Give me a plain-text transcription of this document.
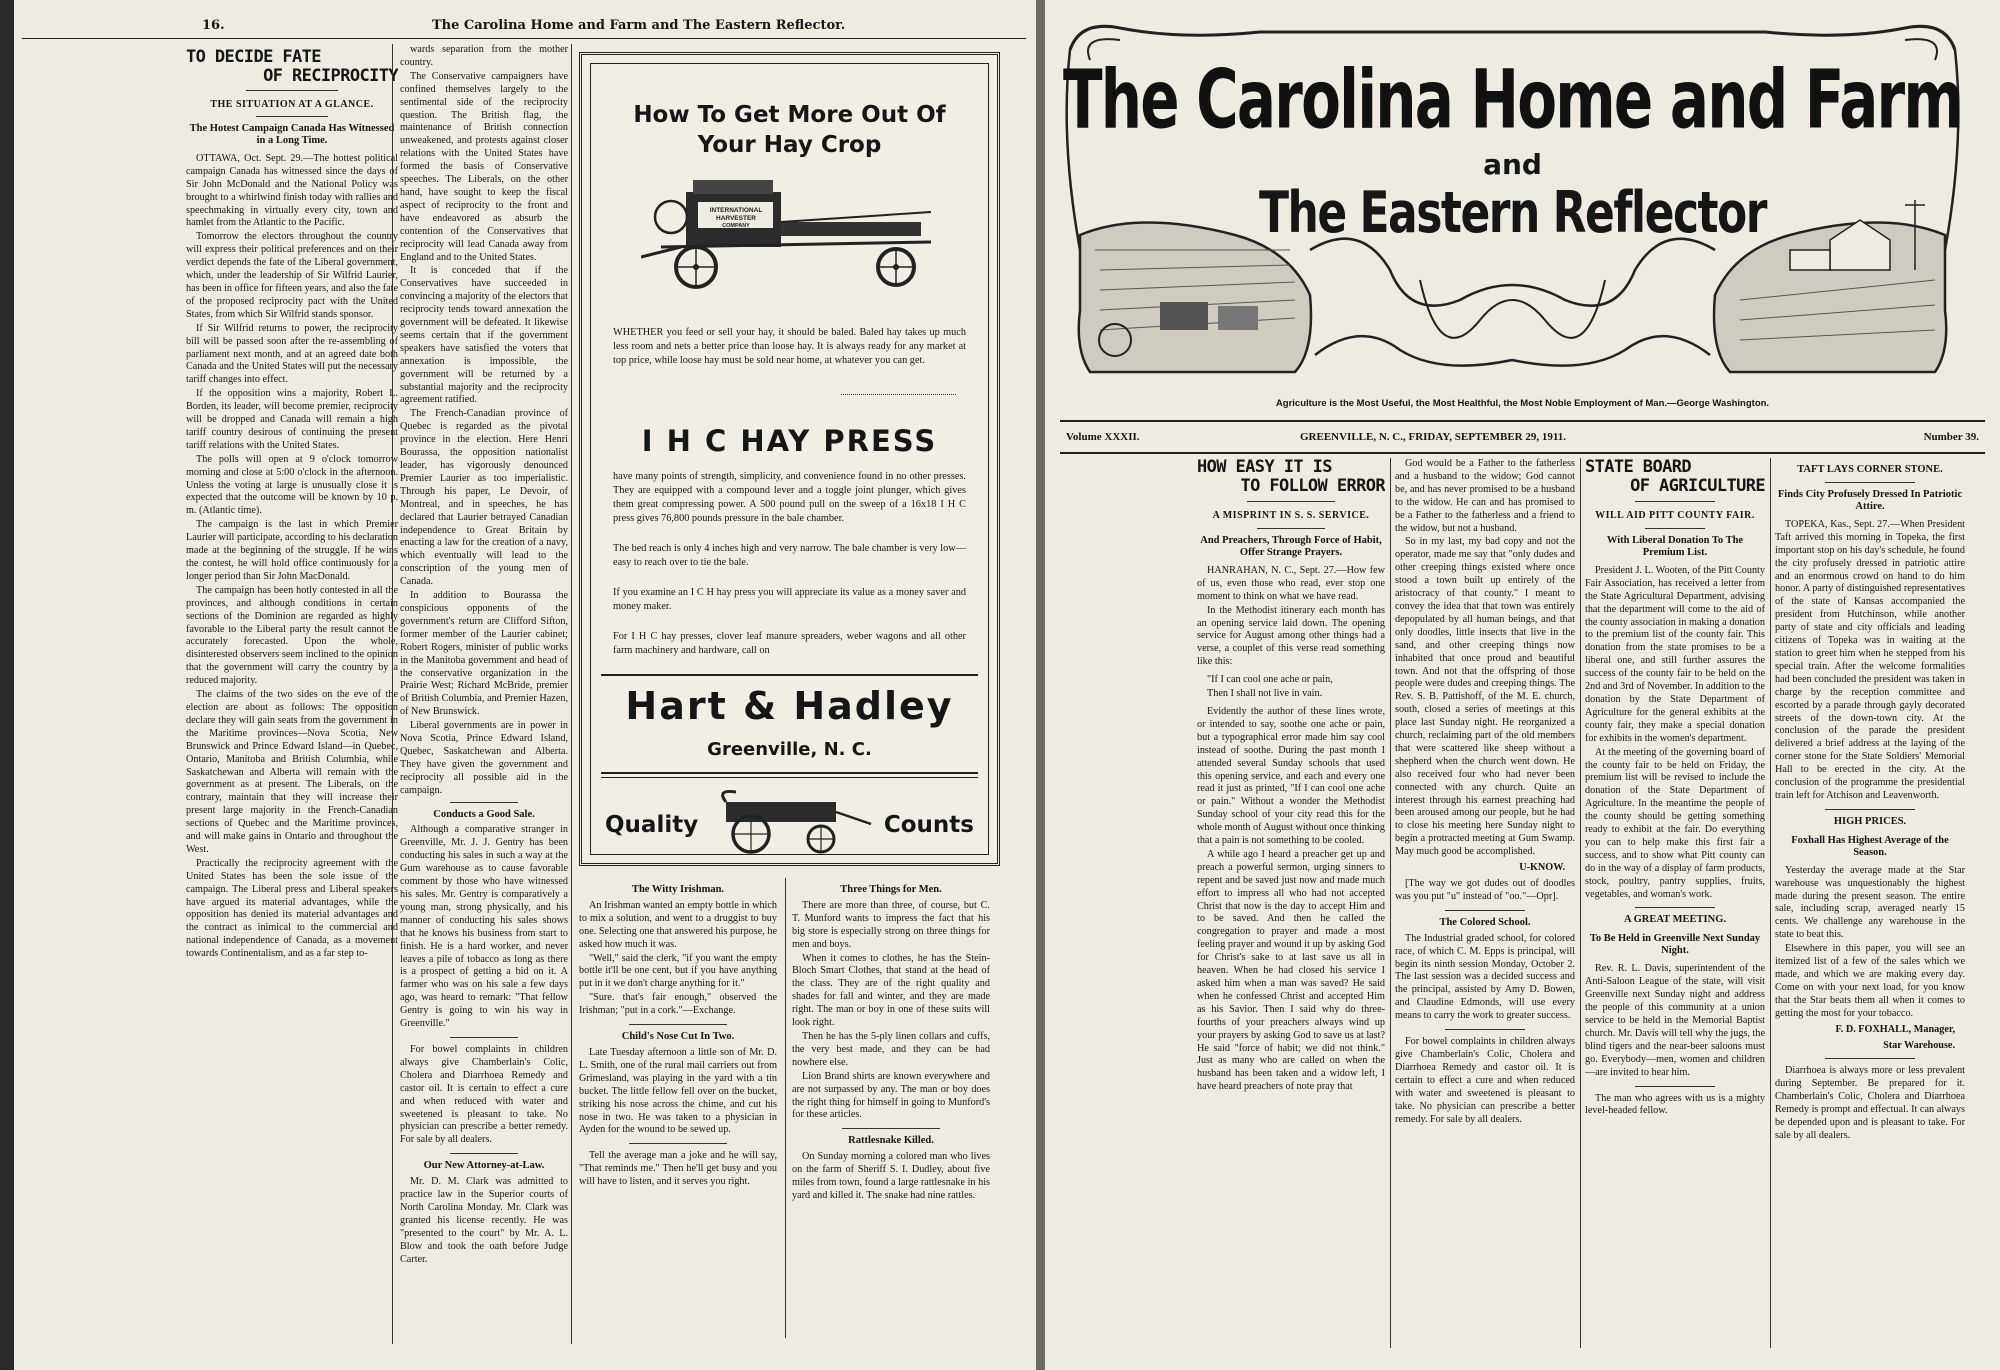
16.	The Carolina Home and Farm and The Eastern Reflector.
TO DECIDE FATE
OF RECIPROCITY
THE SITUATION AT A GLANCE.
The Hotest Campaign Canada Has Witnessed in a Long Time.

OTTAWA, Oct. Sept. 29.—The hottest political campaign Canada has witnessed since the days of Sir John McDonald and the National Policy was brought to a whirlwind finish today with rallies and speechmaking in virtually every city, town and hamlet from the Atlantic to the Pacific.

Tomorrow the electors throughout the country will express their political preferences and on their verdict depends the fate of the Liberal government, which, under the leadership of Sir Wilfrid Laurier, has been in office for fifteen years, and also the fate of the proposed reciprocity pact with the United States, from which Sir Wilfrid stands sponsor.

If Sir Wilfrid returns to power, the reciprocity bill will be passed soon after the re-assembling of parliament next month, and at an agreed date both Canada and the United States will put the necessary tariff changes into effect.

If the opposition wins a majority, Robert L. Borden, its leader, will become premier, reciprocity will be dropped and Canada will remain a high tariff country desirous of continuing the present tariff relations with the United States.

The polls will open at 9 o'clock tomorrow morning and close at 5:00 o'clock in the afternoon. Unless the voting at large is unusually close it is expected that the outcome will be known by 10 p. m. (Atlantic time).

The campaign is the last in which Premier Laurier will participate, according to his declaration made at the beginning of the struggle. If he wins the contest, he will hold office continuously for a longer period than Sir John MacDonald.

The campaign has been hotly contested in all the provinces, and although conditions in certain sections of the Dominion are regarded as highly favorable to the Liberal party the result cannot be accurately forecasted. Upon the whole, disinterested observers seem inclined to the opinion that the government will carry the country by a reduced majority.

The claims of the two sides on the eve of the election are about as follows: The opposition declare they will gain seats from the government in the Maritime provinces—Nova Scotia, New Brunswick and Prince Edward Island—in Quebec, Ontario, Manitoba and British Columbia, while Saskatchewan and Alberta will remain with the government as at present. The Liberals, on the contrary, maintain that they will increase their present large majority in the French-Canadian sections of Quebec and the Maritime provinces, and will make gains in Ontario and throughout the West.

Practically the reciprocity agreement with the United States has been the sole issue of the campaign. The Liberal press and Liberal speakers have argued its material advantages, while the opposition has denied its material advantages and the contract as inimical to the commercial and national independence of Canada, as a movement towards Continentalism, and as a far step to-

wards separation from the mother country.

The Conservative campaigners have confined themselves largely to the sentimental side of the reciprocity question. The British flag, the maintenance of British connection unweakened, and protests against closer relations with the United States have formed the basis of Conservative speeches. The Liberals, on the other hand, have sought to keep the fiscal aspect of reciprocity to the front and have endeavored as absurb the contention of the Conservatives that reciprocity will lead Canada away from England and to the United States.

It is conceded that if the Conservatives have succeeded in convincing a majority of the electors that reciprocity tends toward annexation the government will be defeated. It likewise seems certain that if the government speakers have satisfied the voters that annexation is impossible, the government will be returned by a substantial majority and the reciprocity agreement ratified.

The French-Canadian province of Quebec is regarded as the pivotal province in the election. Here Henri Bourassa, the opposition nationalist leader, has vigorously denounced Premier Laurier as too imperialistic. Through his paper, Le Devoir, of Montreal, and in speeches, he has declared that Laurier betrayed Canadian independence to Great Britain by enacting a law for the creation of a navy, which eventually will lead to the conscription of the young men of Canada.

In addition to Bourassa the conspicious opponents of the government's return are Clifford Sifton, former member of the Laurier cabinet; Robert Rogers, minister of public works in the Manitoba government and head of the conservative organization in the Prairie West; Richard McBride, premier of British Columbia, and Premier Hazen, of New Brunswick.

Liberal governments are in power in Nova Scotia, Prince Edward Island, Quebec, Saskatchewan and Alberta. They have given the government and reciprocity all possible aid in the campaign.

Conducts a Good Sale.

Although a comparative stranger in Greenville, Mr. J. J. Gentry has been conducting his sales in such a way at the Gum warehouse as to cause favorable comment by those who have witnessed his sales. Mr. Gentry is comparatively a young man, strong physically, and his manner of conducting his sales shows that he knows his business from start to finish. He is a hard worker, and never leaves a pile of tobacco as long as there is a prospect of getting a bid on it. A farmer who was on his sale a few days ago, was heard to remark: "That fellow Gentry is going to win his way in Greenville."

For bowel complaints in children always give Chamberlain's Colic, Cholera and Diarrhoea Remedy and castor oil. It is certain to effect a cure and when reduced with water and sweetened is pleasant to take. No physician can prescribe a better remedy. For sale by all dealers.

Our New Attorney-at-Law.

Mr. D. M. Clark was admitted to practice law in the Superior courts of North Carolina Monday. Mr. Clark was granted his license recently. He was "presented to the court" by Mr. A. L. Blow and took the oath before Judge Carter.

How To Get More Out Of
Your Hay Crop
INTERNATIONAL
HARVESTER
COMPANY
WHETHER you feed or sell your hay, it should be baled. Baled hay takes up much less room and nets a better price than loose hay. It is always ready for any market at top price, while loose hay must be sold near home, at whatever you can get.
I H C HAY PRESS
have many points of strength, simplicity, and convenience found in no other presses. They are equipped with a compound lever and a toggle joint plunger, which gives them great compressing power. A 500 pound pull on the sweep of a 16x18 I H C press gives 76,800 pounds pressure in the bale chamber.
The bed reach is only 4 inches high and very narrow. The bale chamber is very low—easy to reach over to tie the bale.
If you examine an I C H hay press you will appreciate its value as a money saver and money maker.
For I H C hay presses, clover leaf manure spreaders, weber wagons and all other farm machinery and hardware, call on
Hart & Hadley
Greenville, N. C.
Quality	Counts
The Witty Irishman.

An Irishman wanted an empty bottle in which to mix a solution, and went to a druggist to buy one. Selecting one that answered his purpose, he asked how much it was.

"Well," said the clerk, "if you want the empty bottle it'll be one cent, but if you have anything put in it we don't charge anything for it."

"Sure. that's fair enough," observed the Irishman; "put in a cork."—Exchange.

Child's Nose Cut In Two.

Late Tuesday afternoon a little son of Mr. D. L. Smith, one of the rural mail carriers out from Grimesland, was playing in the yard with a tin bucket. The little fellow fell over on the bucket, striking his nose across the chime, and cut his nose in two. He was taken to a physician in Ayden for the wound to be sewed up.

Tell the average man a joke and he will say, "That reminds me." Then he'll get busy and you will have to listen, and it serves you right.

Three Things for Men.

There are more than three, of course, but C. T. Munford wants to impress the fact that his big store is especially strong on three things for men and boys.

When it comes to clothes, he has the Stein-Bloch Smart Clothes, that stand at the head of the class. They are of the right quality and shades for fall and winter, and they are made right. The man or boy in one of these suits will look right.

Then he has the 5-ply linen collars and cuffs, the very best made, and they can be had nowhere else.

Lion Brand shirts are known everywhere and are not surpassed by any. The man or boy does the right thing for himself in going to Munford's for these articles.

Rattlesnake Killed.

On Sunday morning a colored man who lives on the farm of Sheriff S. I. Dudley, about five miles from town, found a large rattlesnake in his yard and killed it. The snake had nine rattles.

The Carolina Home and Farm
and
The Eastern Reflector
Agriculture is the Most Useful, the Most Healthful, the Most Noble Employment of Man.—George Washington.
Volume XXXII.	GREENVILLE, N. C., FRIDAY, SEPTEMBER 29, 1911.	Number 39.
HOW EASY IT IS
TO FOLLOW ERROR
A MISPRINT IN S. S. SERVICE.
And Preachers, Through Force of Habit, Offer Strange Prayers.

HANRAHAN, N. C., Sept. 27.—How few of us, even those who read, ever stop one moment to think on what we have read.

In the Methodist itinerary each month has an opening service laid down. The opening service for August among other things had a verse, a couplet of this verse read something like this:

"If I can cool one ache or pain,

Then I shall not live in vain.

Evidently the author of these lines wrote, or intended to say, soothe one ache or pain, but a typographical error made him say cool instead of soothe. During the past month I attended several Sunday schools that used this opening service, and each and every one read it just as printed, "If I can cool one ache or pain." Without a wonder the Methodist Sunday school of your city read this for the whole month of August without once thinking that a pain is not something to be cooled.

A while ago I heard a preacher get up and preach a powerful sermon, urging sinners to repent and be saved just now and made much effort to impress all who had not accepted Christ that now is the day to accept Him and to be saved. And then he called the congregation to prayer and made a most feeling prayer and wound it up by asking God for Christ's sake to at last save us all in heaven. When he had closed his service I asked him when a man was saved? He said when he confessed Christ and accepted Him as his Savior. Then I said why do three-fourths of your preachers always wind up your prayers by asking God to save us at last? He said "force of habit; we did not think." Just as many who are called on when the husband has been taken and a widow left, I have heard preachers of note pray that

God would be a Father to the fatherless and a husband to the widow; God cannot be, and has never promised to be a husband to the widow. He can and has promised to be a Father to the fatherless and a friend to the widow, but not a husband.

So in my last, my bad copy and not the operator, made me say that "only dudes and other creeping things existed where once stood a town built up entirely of the aristocracy of that county." I meant to convey the idea that that town was entirely depopulated by all human beings, and that only doodles, little insects that live in the sand, and other creeping things now inhabited that once proud and beautiful town. And not that the offspring of those people were dudes and creeping things. The Rev. S. B. Pattishoff, of the M. E. church, south, closed a series of meetings at this place last Sunday night. He reorganized a church, reclaiming part of the old members that were scattered like sheep without a shepherd when the church went down. He also received four who had never been connected with any church. Quite an interest through his earnest preaching had been aroused among our people, but he had to close his meeting here Sunday night to begin a protracted meeting at Gum Swamp. May much good be accomplished.

U-KNOW.

[The way we got dudes out of doodles was you put "u" instead of "oo."—Opr].

The Colored School.

The Industrial graded school, for colored race, of which C. M. Epps is principal, will begin its ninth session Monday, October 2. The last session was a decided success and the principal, assisted by Amy D. Bowen, and Claudine Edmonds, will use every means to carry the work to greater success.

For bowel complaints in children always give Chamberlain's Colic, Cholera and Diarrhoea Remedy and castor oil. It is certain to effect a cure and when reduced with water and sweetened is pleasant to take. No physician can prescribe a better remedy. For sale by all dealers.

STATE BOARD
OF AGRICULTURE
WILL AID PITT COUNTY FAIR.
With Liberal Donation To The Premium List.

President J. L. Wooten, of the Pitt County Fair Association, has received a letter from the State Agricultural Department, advising that the department will come to the aid of the county association in making a donation to the premium list of the county fair. This donation from the state promises to be a liberal one, and still further assures the success of the county fair to be held on the 2nd and 3rd of November. In addition to the donation by the State Department of Agriculture for the general exhibits at the county fair, they make a special donation for exhibits in the women's department.

At the meeting of the governing board of the county fair to be held on Friday, the premium list will be revised to include the donation of the State Department of Agriculture. In the meantime the people of the county should be getting something ready to exhibit at the fair. Do everything you can to help make this first fair a success, and to show what Pitt county can do in the way of a display of farm products, stock, poultry, pantry supplies, fruits, vegetables, and woman's work.

A GREAT MEETING.
To Be Held in Greenville Next Sunday Night.

Rev. R. L. Davis, superintendent of the Anti-Saloon League of the state, will visit Greenville next Sunday night and address the people of this community at a union service to be held in the Memorial Baptist church. Mr. Davis will tell why the jugs, the blind tigers and the near-beer saloons must go. Everybody—men, women and children—are invited to hear him.

The man who agrees with us is a mighty level-headed fellow.

TAFT LAYS CORNER STONE.
Finds City Profusely Dressed In Patriotic Attire.

TOPEKA, Kas., Sept. 27.—When President Taft arrived this morning in Topeka, the first important stop on his day's schedule, he found the city profusely dressed in patriotic attire and an enormous crowd on hand to do him honor. A party of distinguished representatives of the state of Kansas accompanied the president from Hutchinson, while another party of state and city officials and leading citizens of Topeka was in waiting at the station to greet him when he stepped from his special train. After the welcome formalities had been concluded the president was taken in charge by the reception committee and escorted by a parade through gayly decorated streets of the down-town city. At the conclusion of the parade the president delivered a brief address at the laying of the corner stone for the State Soldiers' Memorial Hall to be erected in the city. At the conclusion of the programme the presidential train left for Atchison and Leavenworth.

HIGH PRICES.
Foxhall Has Highest Average of the Season.

Yesterday the average made at the Star warehouse was unquestionably the highest made during the present season. The entire sale, including scrap, averaged nearly 15 cents. We challenge any warehouse in the state to beat this.

Elsewhere in this paper, you will see an itemized list of a few of the sales which we made, and which we are making every day. Come on with your next load, for you know that the Star beats them all when it comes to getting the most for your tobacco.

F. D. FOXHALL, Manager,
Star Warehouse.

Diarrhoea is always more or less prevalent during September. Be prepared for it. Chamberlain's Colic, Cholera and Diarrhoea Remedy is prompt and effectual. It can always be depended upon and is pleasant to take. For sale by all dealers.
